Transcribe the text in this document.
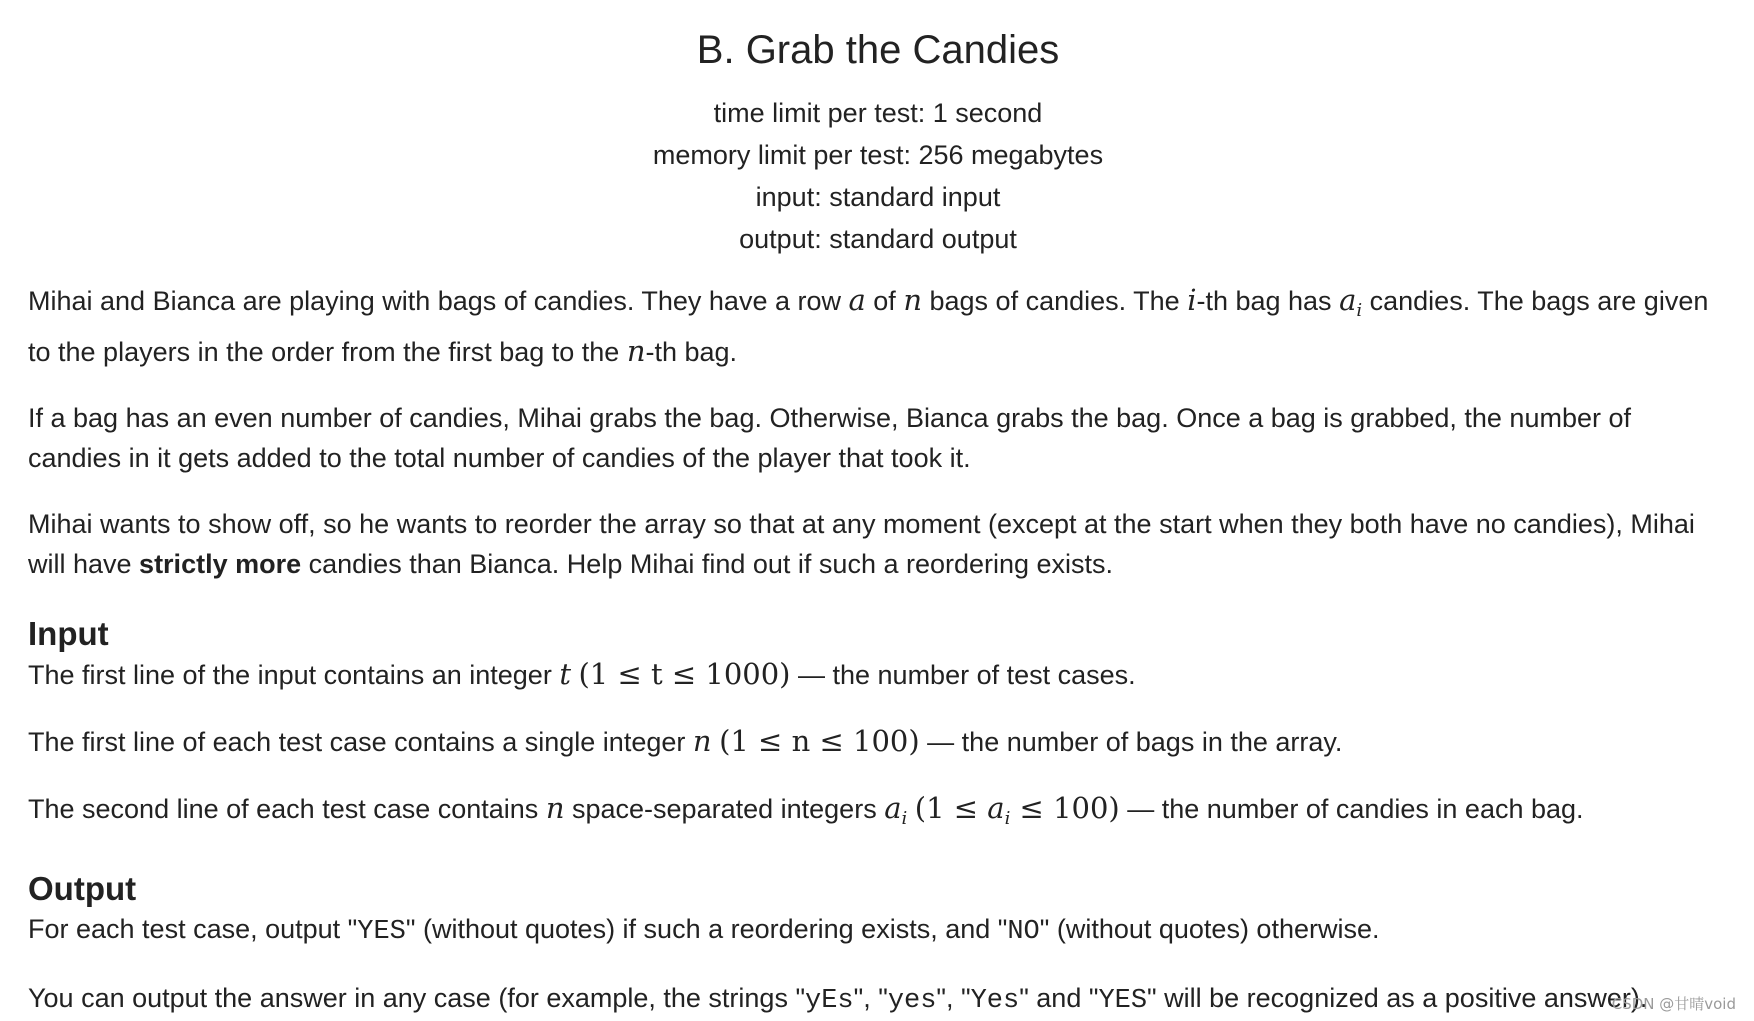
B. Grab the Candies
time limit per test: 1 second
memory limit per test: 256 megabytes
input: standard input
output: standard output

Mihai and Bianca are playing with bags of candies. They have a row a of n bags of candies. The i-th bag has $a_i$ candies. The bags are given to the players in the order from the first bag to the n-th bag.

If a bag has an even number of candies, Mihai grabs the bag. Otherwise, Bianca grabs the bag. Once a bag is grabbed, the number of candies in it gets added to the total number of candies of the player that took it.

Mihai wants to show off, so he wants to reorder the array so that at any moment (except at the start when they both have no candies), Mihai will have strictly more candies than Bianca. Help Mihai find out if such a reordering exists.

Input

The first line of the input contains an integer t (1 ≤ t ≤ 1000) — the number of test cases.

The first line of each test case contains a single integer n (1 ≤ n ≤ 100) — the number of bags in the array.

The second line of each test case contains n space-separated integers $a_i$ $(1 \le a_i \le 100)$ — the number of candies in each bag.

Output

For each test case, output "YES" (without quotes) if such a reordering exists, and "NO" (without quotes) otherwise.

You can output the answer in any case (for example, the strings "yEs", "yes", "Yes" and "YES" will be recognized as a positive answer).

CSDN @甘晴void
